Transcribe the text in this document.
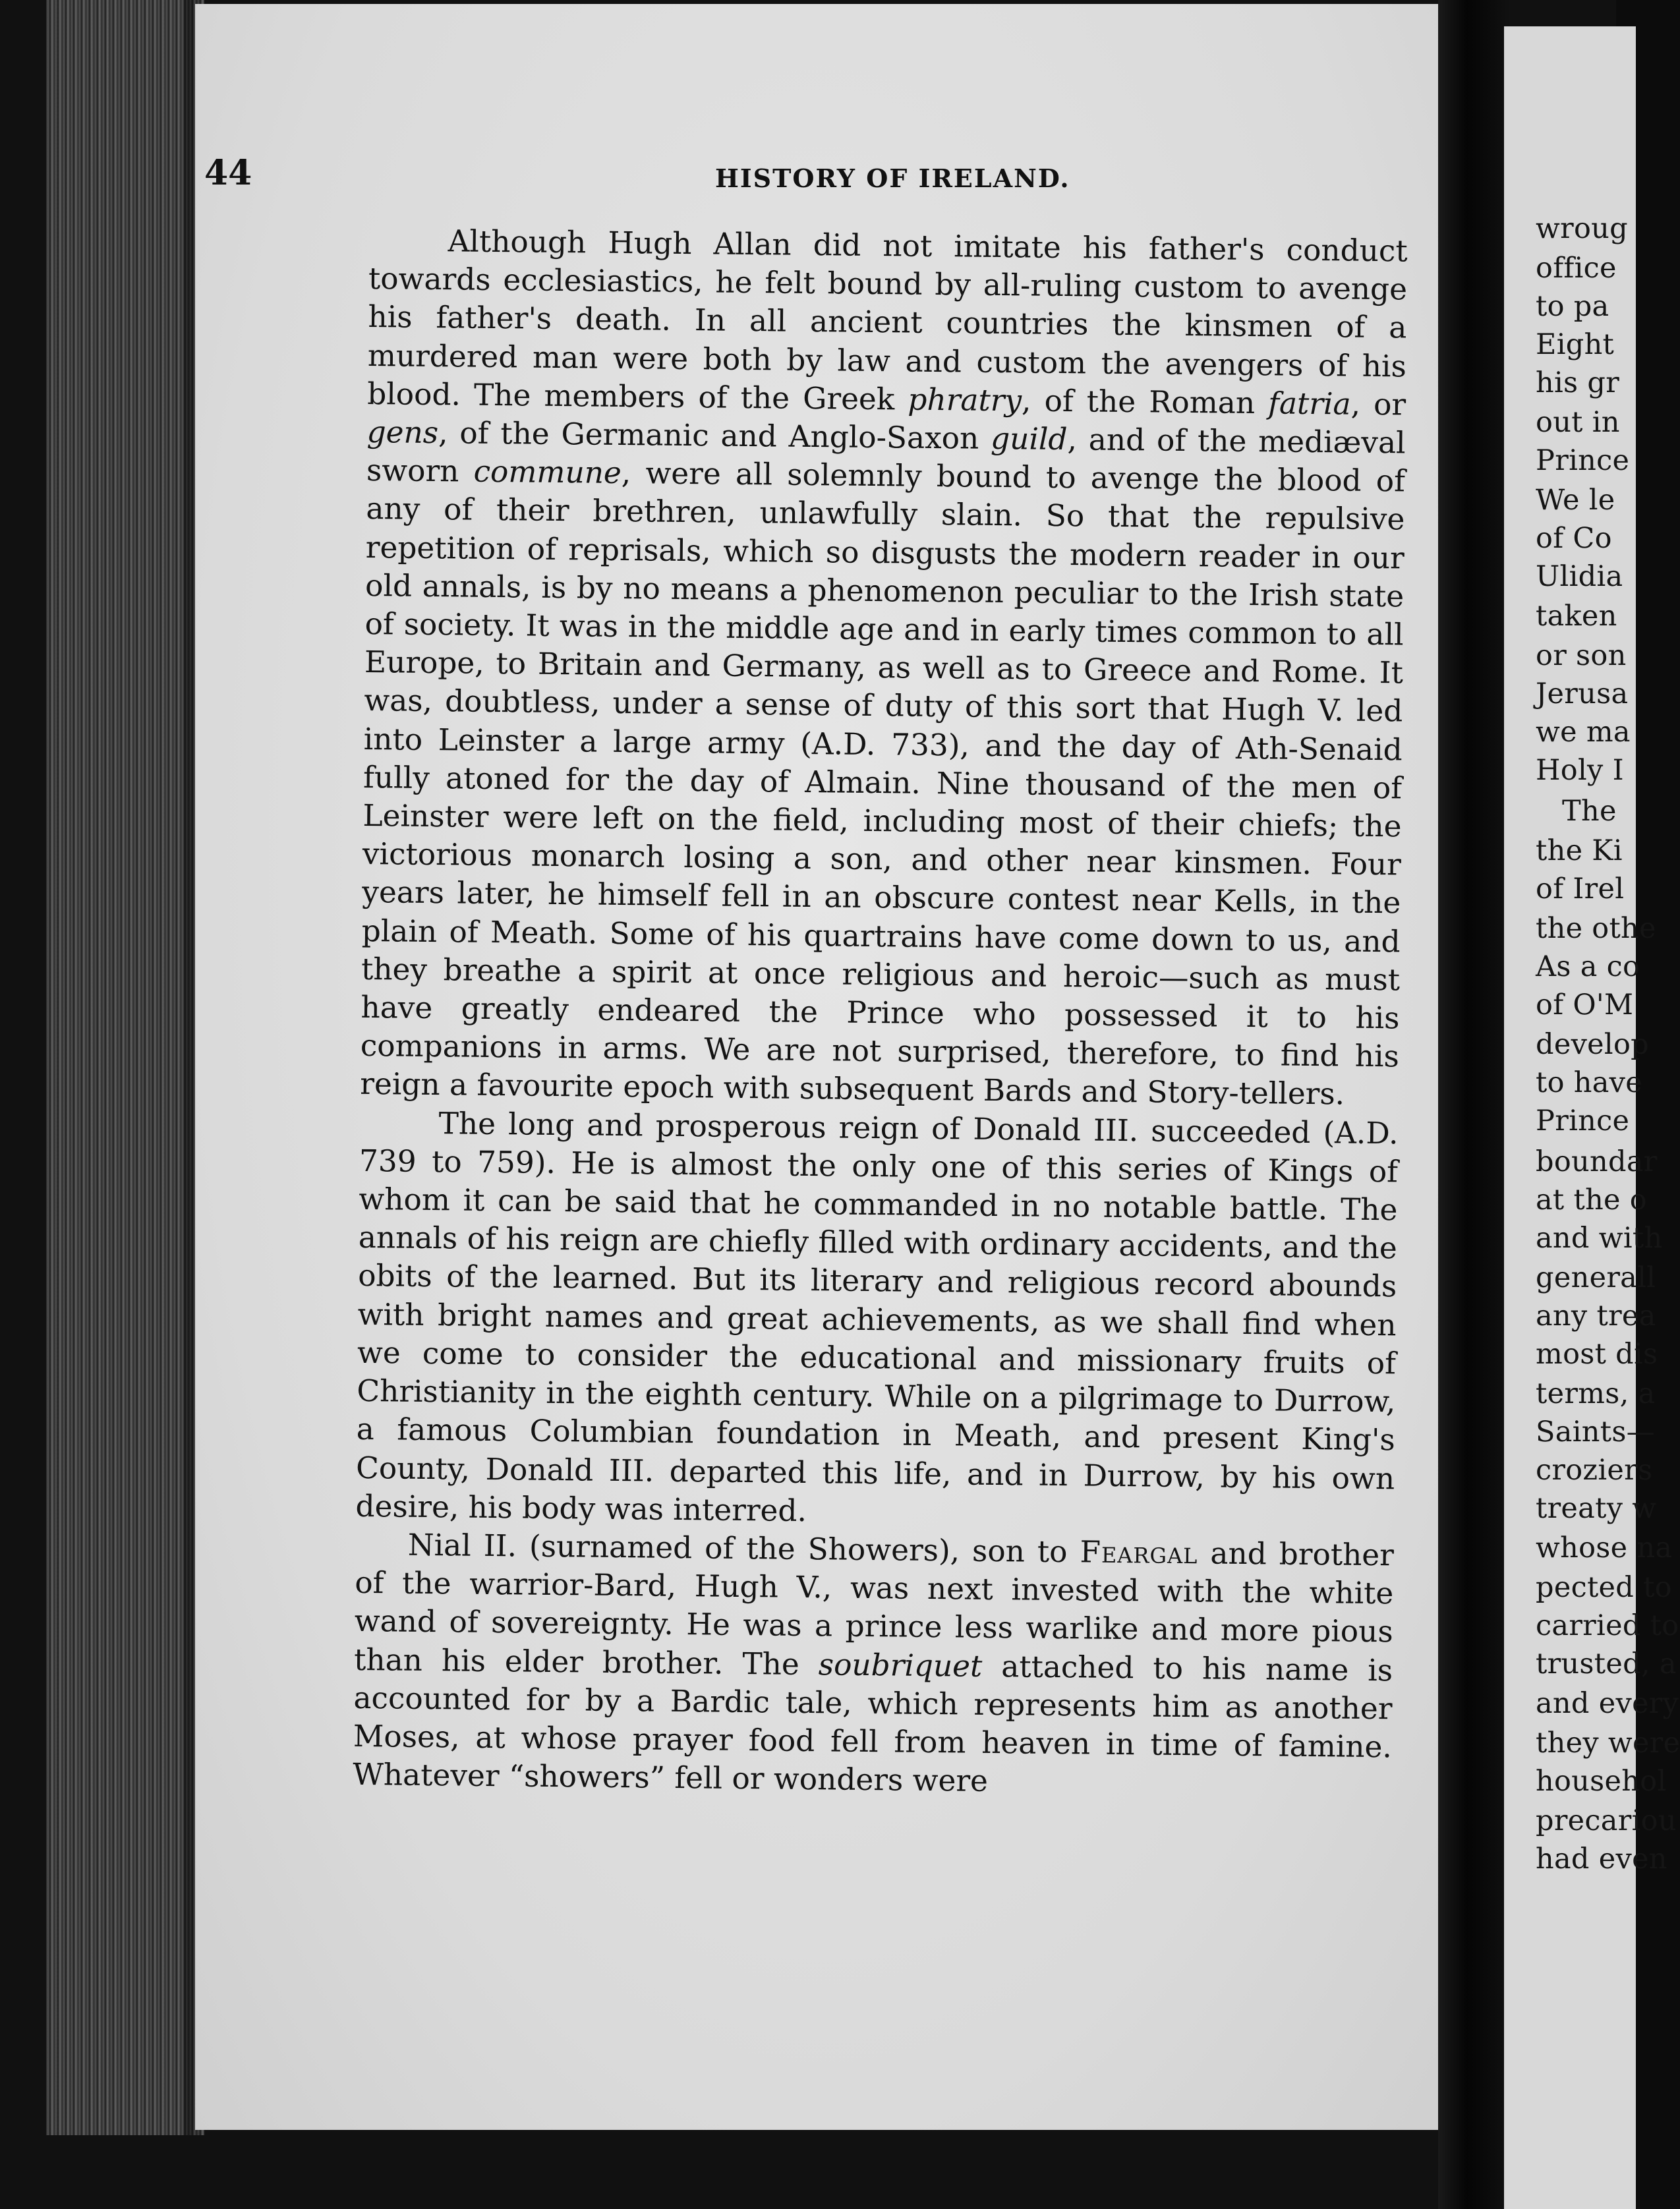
44	HISTORY OF IRELAND.

Although Hugh Allan did not imitate his father's conduct towards ecclesiastics, he felt bound by all-ruling custom to avenge his father's death. In all ancient countries the kinsmen of a murdered man were both by law and custom the avengers of his blood. The members of the Greek phratry, of the Roman fatria, or gens, of the Germanic and Anglo-Saxon guild, and of the mediæval sworn commune, were all solemnly bound to avenge the blood of any of their brethren, unlawfully slain. So that the repulsive repetition of reprisals, which so disgusts the modern reader in our old annals, is by no means a phenomenon peculiar to the Irish state of society. It was in the middle age and in early times common to all Europe, to Britain and Germany, as well as to Greece and Rome. It was, doubtless, under a sense of duty of this sort that Hugh V. led into Leinster a large army (A.D. 733), and the day of Ath-Senaid fully atoned for the day of Almain. Nine thousand of the men of Leinster were left on the field, including most of their chiefs; the victorious monarch losing a son, and other near kinsmen. Four years later, he himself fell in an obscure contest near Kells, in the plain of Meath. Some of his quartrains have come down to us, and they breathe a spirit at once religious and heroic—such as must have greatly endeared the Prince who possessed it to his companions in arms. We are not surprised, therefore, to find his reign a favourite epoch with subsequent Bards and Story-tellers.

The long and prosperous reign of Donald III. succeeded (A.D. 739 to 759). He is almost the only one of this series of Kings of whom it can be said that he commanded in no notable battle. The annals of his reign are chiefly filled with ordinary accidents, and the obits of the learned. But its literary and religious record abounds with bright names and great achievements, as we shall find when we come to consider the educational and missionary fruits of Christianity in the eighth century. While on a pilgrimage to Durrow, a famous Columbian foundation in Meath, and present King's County, Donald III. departed this life, and in Durrow, by his own desire, his body was interred.

Nial II. (surnamed of the Showers), son to Feargal and brother of the warrior-Bard, Hugh V., was next invested with the white wand of sovereignty. He was a prince less warlike and more pious than his elder brother. The soubriquet attached to his name is accounted for by a Bardic tale, which represents him as another Moses, at whose prayer food fell from heaven in time of famine. Whatever “showers” fell or wonders were

wroug
office
to pa
Eight
his gr
out in
Prince
We le
of Co
Ulidia
taken
or son
Jerusa
we ma
Holy I
The
the Ki
of Irel
the othe
As a co
of O'M
develop
to have
Prince
boundar
at the o
and with
generall
any trea
most dis
terms, a
Saints—
croziers
treaty w
whose na
pected to
carried to
trusted, a
and every
they were
househol
precariou
had even
